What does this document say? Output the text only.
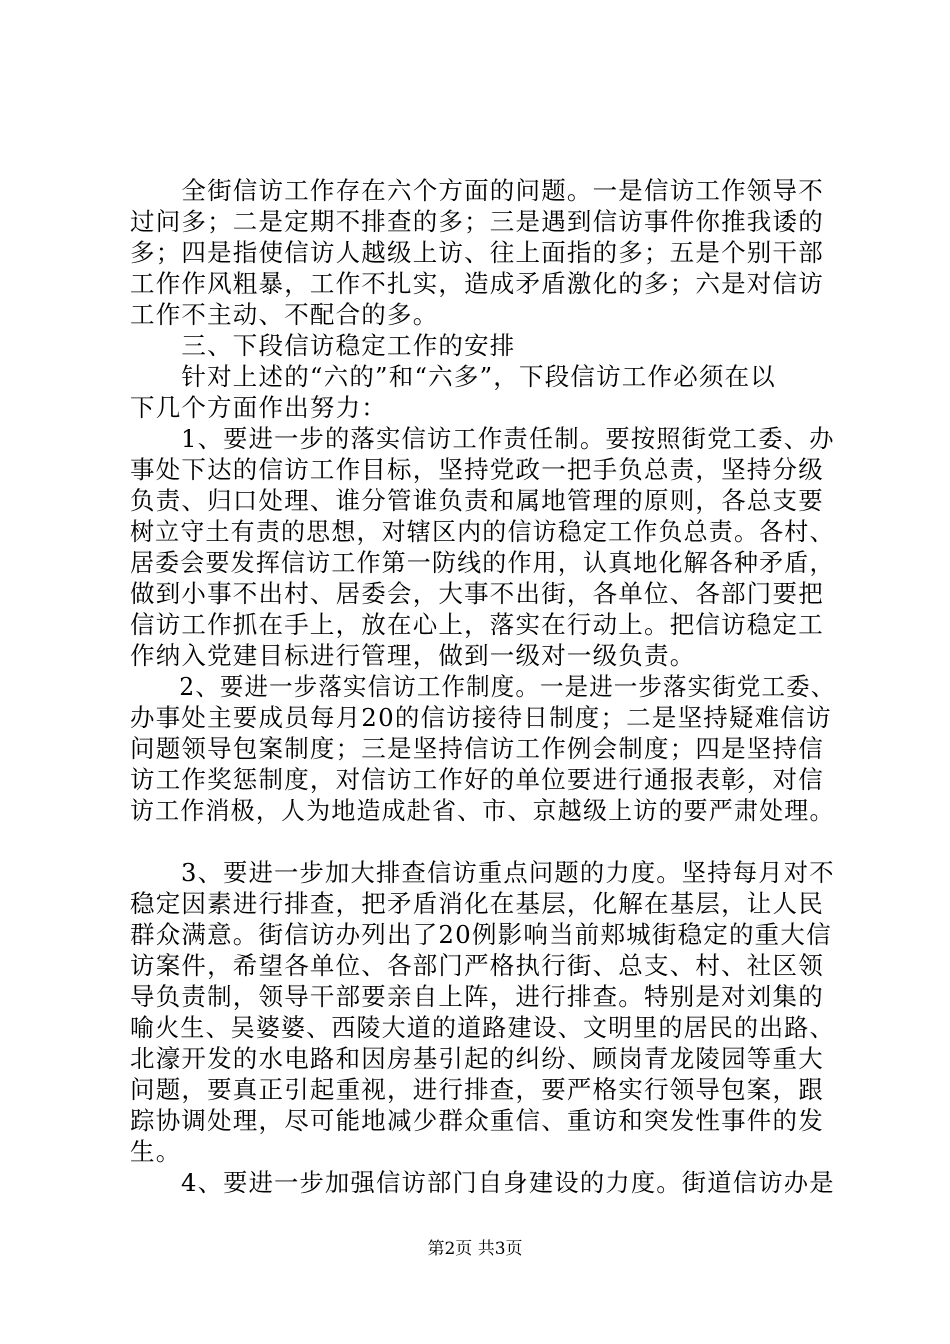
　　全街信访工作存在六个方面的问题。一是信访工作领导不
过问多；二是定期不排查的多；三是遇到信访事件你推我诿的
多；四是指使信访人越级上访、往上面指的多；五是个别干部
工作作风粗暴，工作不扎实，造成矛盾激化的多；六是对信访
工作不主动、不配合的多。
　　三、下段信访稳定工作的安排
　　针对上述的“六的”和“六多”，下段信访工作必须在以
下几个方面作出努力：
　　1、要进一步的落实信访工作责任制。要按照街党工委、办
事处下达的信访工作目标，坚持党政一把手负总责，坚持分级
负责、归口处理、谁分管谁负责和属地管理的原则，各总支要
树立守土有责的思想，对辖区内的信访稳定工作负总责。各村、
居委会要发挥信访工作第一防线的作用，认真地化解各种矛盾，
做到小事不出村、居委会，大事不出街，各单位、各部门要把
信访工作抓在手上，放在心上，落实在行动上。把信访稳定工
作纳入党建目标进行管理，做到一级对一级负责。
　　2、要进一步落实信访工作制度。一是进一步落实街党工委、
办事处主要成员每月20的信访接待日制度；二是坚持疑难信访
问题领导包案制度；三是坚持信访工作例会制度；四是坚持信
访工作奖惩制度，对信访工作好的单位要进行通报表彰，对信
访工作消极，人为地造成赴省、市、京越级上访的要严肃处理。
　　3、要进一步加大排查信访重点问题的力度。坚持每月对不
稳定因素进行排查，把矛盾消化在基层，化解在基层，让人民
群众满意。街信访办列出了20例影响当前郏城街稳定的重大信
访案件，希望各单位、各部门严格执行街、总支、村、社区领
导负责制，领导干部要亲自上阵，进行排查。特别是对刘集的
喻火生、吴婆婆、西陵大道的道路建设、文明里的居民的出路、
北濠开发的水电路和因房基引起的纠纷、顾岗青龙陵园等重大
问题，要真正引起重视，进行排查，要严格实行领导包案，跟
踪协调处理，尽可能地减少群众重信、重访和突发性事件的发
生。
　　4、要进一步加强信访部门自身建设的力度。街道信访办是
第2页 共3页
